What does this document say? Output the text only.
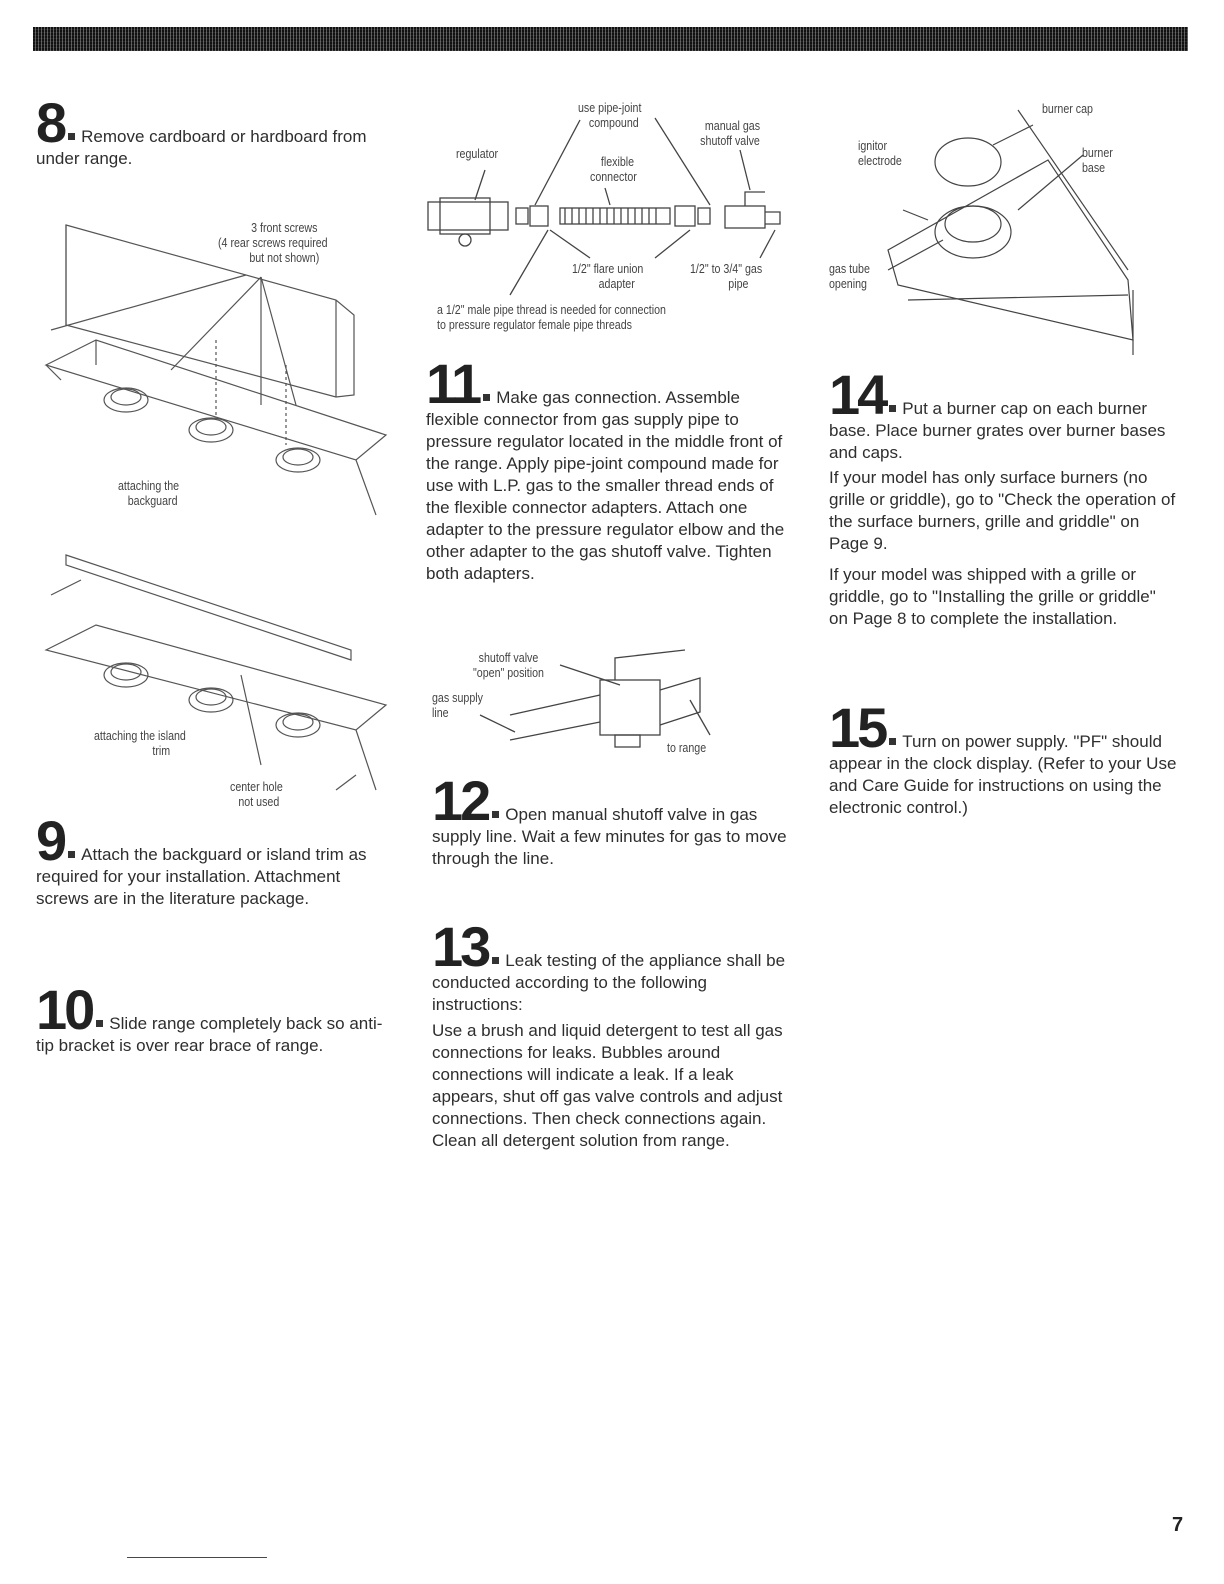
8 Remove cardboard or hardboard from under range.

3 front screws
(4 rear screws required
but not shown)
attaching the
backguard
attaching the island
trim
center hole
not used

9 Attach the backguard or island trim as required for your installation. Attachment screws are in the literature package.

10 Slide range completely back so anti-tip bracket is over rear brace of range.

use pipe-joint
compound	manual gas
shutoff valve
regulator
flexible
connector
1/2" flare union
adapter
1/2" to 3/4" gas
pipe
a 1/2" male pipe thread is needed for connection
to pressure regulator female pipe threads

11 Make gas connection. Assemble flexible connector from gas supply pipe to pressure regulator located in the middle front of the range. Apply pipe-joint compound made for use with L.P. gas to the smaller thread ends of the flexible connector adapters. Attach one adapter to the pressure regulator elbow and the other adapter to the gas shutoff valve. Tighten both adapters.

shutoff valve
"open" position
gas supply
line
to range

12 Open manual shutoff valve in gas supply line. Wait a few minutes for gas to move through the line.

13 Leak testing of the appliance shall be conducted according to the following instructions:

Use a brush and liquid detergent to test all gas connections for leaks. Bubbles around connections will indicate a leak. If a leak appears, shut off gas valve controls and adjust connections. Then check connections again. Clean all detergent solution from range.

burner cap
ignitor
electrode
burner
base
gas tube
opening

14 Put a burner cap on each burner base. Place burner grates over burner bases and caps.

If your model has only surface burners (no grille or griddle), go to "Check the operation of the surface burners, grille and griddle" on Page 9.

If your model was shipped with a grille or griddle, go to "Installing the grille or griddle" on Page 8 to complete the installation.

15 Turn on power supply. "PF" should appear in the clock display. (Refer to your Use and Care Guide for instructions on using the electronic control.)

7
